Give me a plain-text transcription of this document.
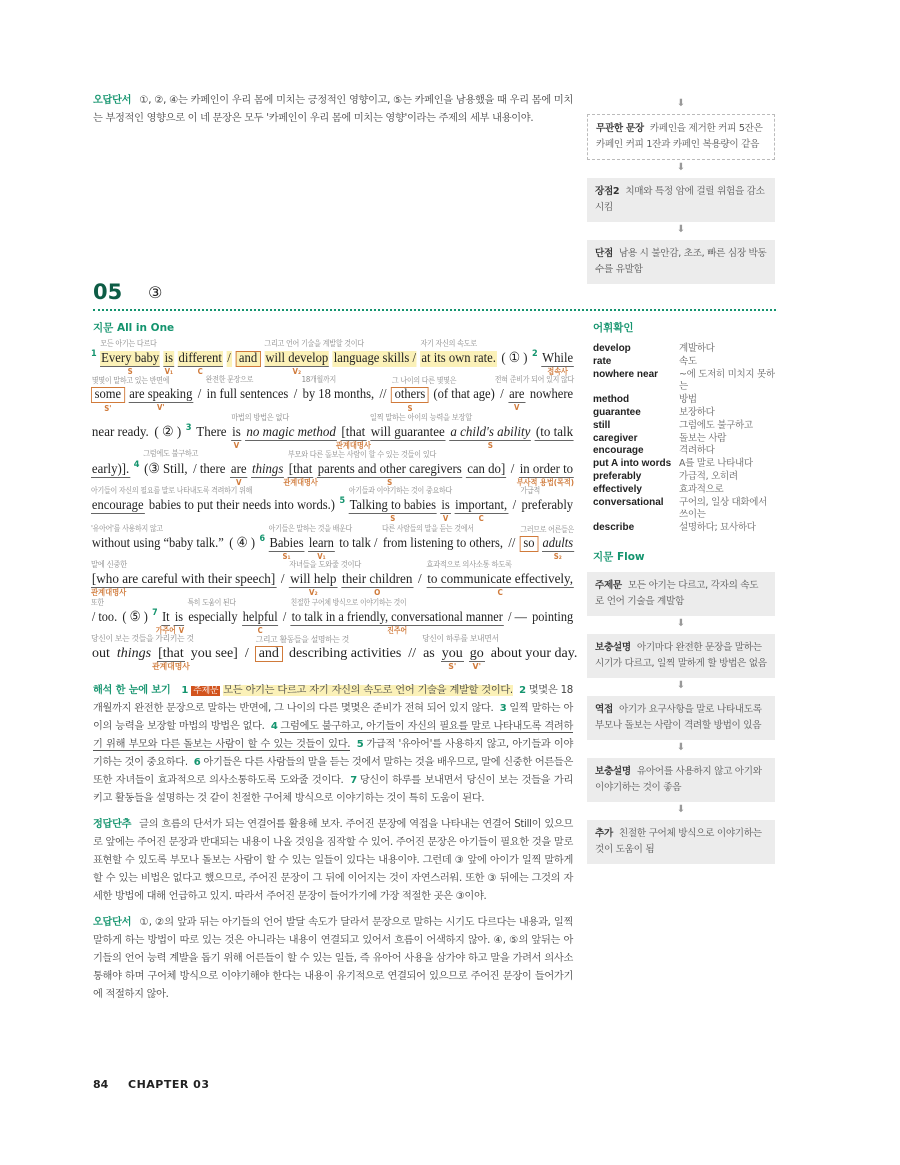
오답단서 ①, ②, ④는 카페인이 우리 몸에 미치는 긍정적인 영향이고, ⑤는 카페인을 남용했을 때 우리 몸에 미치는 부정적인 영향으로 이 네 문장은 모두 '카페인이 우리 몸에 미치는 영향'이라는 주제의 세부 내용이야.
⬇
무관한 문장 카페인을 제거한 커피 5잔은 카페인 커피 1잔과 카페인 복용량이 같음
⬇
장점2 치매와 특정 암에 걸릴 위험을 감소시킴
⬇
단점 남용 시 불안감, 초조, 빠른 심장 박동수를 유발함
05 ③
지문 All in One
1 Every baby
모든 아기는 다르다
S
is
V₁
different
C
/ and will develop
그리고 언어 기술을 계발할 것이다
V₂
language skills / at its own rate.
자기 자신의 속도로
( ① ) 2 While
접속사
some
몇몇이 말하고 있는 반면에
S'
are speaking
V'
/ in full sentences
완전한 문장으로
/ by 18 months,
18개월까지
// others
그 나이의 다른 몇몇은
S
(of that age) / are
전혀 준비가 되어 있지 않다
V
nowhere
near ready. ( ② ) 3 There is
마법의 방법은 없다
V
no magic method [that
관계대명사
will guarantee
일찍 말하는 아이의 능력을 보장할
a child's ability
S
(to talk
early)]. 4 (③ Still,
그럼에도 불구하고
/ there are
V
things [that
부모와 다른 돌보는 사람이 할 수 있는 것들이 있다
관계대명사
parents and other caregivers
S
can do] / in order to
부사적 용법(목적)
encourage
아기들이 자신의 필요를 말로 나타내도록 격려하기 위해
babies to put their needs into words.) 5 Talking to babies
아기들과 이야기하는 것이 중요하다
S
is
V
important,
C
/ preferably
가급적
without using “baby talk.”
'유아어'를 사용하지 않고
( ④ ) 6 Babies
아기들은 말하는 것을 배운다
S₁
learn
V₁
to talk / from listening to others,
다른 사람들의 말을 듣는 것에서
// so
그러므로 어른들은
adults
S₂
[who are careful with their speech]
말에 신중한
관계대명사
/ will help
자녀들을 도와줄 것이다
V₂
their children
O
/ to communicate effectively,
효과적으로 의사소통 하도록
C
/ too.
또한
( ⑤ ) 7 It
가주어
is
V
especially
특히 도움이 된다
helpful
C
/ to talk in a friendly, conversational manner
친절한 구어체 방식으로 이야기하는 것이
진주어
/ — pointing
out
당신이 보는 것들을 가리키는 것
things [that
관계대명사
you see] / and
그리고 활동들을 설명하는 것
describing activities // as
당신이 하루를 보내면서
you
S'
go
V'
about your day.
어휘확인
develop	계발하다
rate	속도
nowhere near	~에 도저히 미치지 못하는
method	방법
guarantee	보장하다
still	그럼에도 불구하고
caregiver	돌보는 사람
encourage	격려하다
put A into words A를 말로 나타내다
preferably	가급적, 오히려
effectively	효과적으로
conversational	구어의, 일상 대화에서 쓰이는
describe	설명하다; 묘사하다
지문 Flow
주제문 모든 아기는 다르고, 각자의 속도로 언어 기술을 계발함
⬇
보충설명 아기마다 완전한 문장을 말하는 시기가 다르고, 일찍 말하게 할 방법은 없음
⬇
역접 아기가 요구사항을 말로 나타내도록 부모나 돌보는 사람이 격려할 방법이 있음
⬇
보충설명 유아어를 사용하지 않고 아기와 이야기하는 것이 좋음
⬇
추가 친절한 구어체 방식으로 이야기하는 것이 도움이 됨
해석 한 눈에 보기 1 주제문 모든 아기는 다르고 자기 자신의 속도로 언어 기술을 계발할 것이다. 2 몇몇은 18개월까지 완전한 문장으로 말하는 반면에, 그 나이의 다른 몇몇은 준비가 전혀 되어 있지 않다. 3 일찍 말하는 아이의 능력을 보장할 마법의 방법은 없다. 4 그럼에도 불구하고, 아기들이 자신의 필요를 말로 나타내도록 격려하기 위해 부모와 다른 돌보는 사람이 할 수 있는 것들이 있다. 5 가급적 '유아어'를 사용하지 않고, 아기들과 이야기하는 것이 중요하다. 6 아기들은 다른 사람들의 말을 듣는 것에서 말하는 것을 배우므로, 말에 신중한 어른들은 또한 자녀들이 효과적으로 의사소통하도록 도와줄 것이다. 7 당신이 하루를 보내면서 당신이 보는 것들을 가리키고 활동들을 설명하는 것 같이 친절한 구어체 방식으로 이야기하는 것이 특히 도움이 된다.
정답단추 글의 흐름의 단서가 되는 연결어를 활용해 보자. 주어진 문장에 역접을 나타내는 연결어 Still이 있으므로 앞에는 주어진 문장과 반대되는 내용이 나올 것임을 짐작할 수 있어. 주어진 문장은 아기들이 필요한 것을 말로 표현할 수 있도록 부모나 돌보는 사람이 할 수 있는 일들이 있다는 내용이야. 그런데 ③ 앞에 아이가 일찍 말하게 할 수 있는 비법은 없다고 했으므로, 주어진 문장이 그 뒤에 이어지는 것이 자연스러워. 또한 ③ 뒤에는 그것의 자세한 방법에 대해 언급하고 있지. 따라서 주어진 문장이 들어가기에 가장 적절한 곳은 ③이야.
오답단서 ①, ②의 앞과 뒤는 아기들의 언어 발달 속도가 달라서 문장으로 말하는 시기도 다르다는 내용과, 일찍 말하게 하는 방법이 따로 있는 것은 아니라는 내용이 연결되고 있어서 흐름이 어색하지 않아. ④, ⑤의 앞뒤는 아기들의 언어 능력 계발을 돕기 위해 어른들이 할 수 있는 일들, 즉 유아어 사용을 삼가야 하고 말을 가려서 의사소통해야 하며 구어체 방식으로 이야기해야 한다는 내용이 유기적으로 연결되어 있으므로 주어진 문장이 들어가기에 적절하지 않아.
84 CHAPTER 03
